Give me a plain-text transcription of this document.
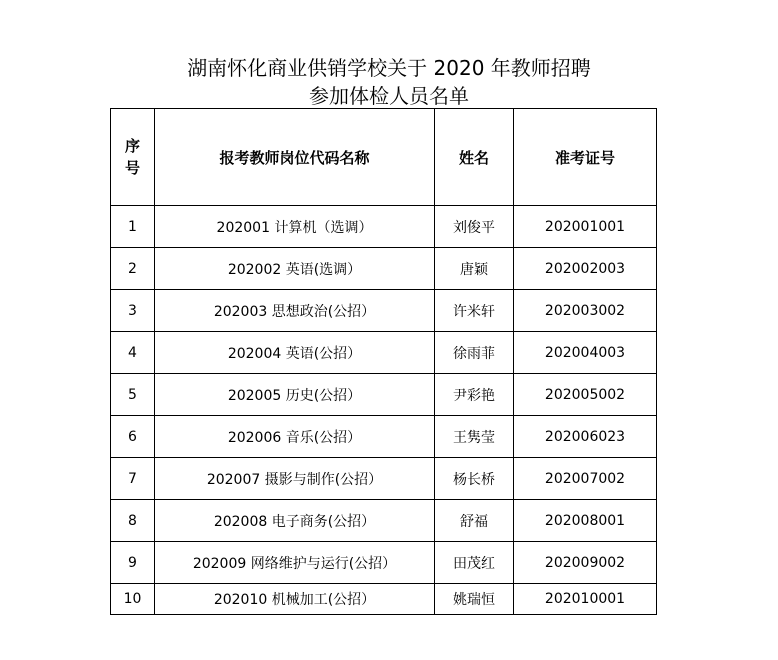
湖南怀化商业供销学校关于 2020 年教师招聘
参加体检人员名单
序
号	报考教师岗位代码名称	姓名	准考证号
1	202001 计算机（选调）	刘俊平	202001001
2	202002 英语(选调）	唐颖	202002003
3	202003 思想政治(公招）	许米轩	202003002
4	202004 英语(公招）	徐雨菲	202004003
5	202005 历史(公招）	尹彩艳	202005002
6	202006 音乐(公招）	王隽莹	202006023
7	202007 摄影与制作(公招）	杨长桥	202007002
8	202008 电子商务(公招）	舒福	202008001
9	202009 网络维护与运行(公招）	田茂红	202009002
10	202010 机械加工(公招）	姚瑞恒	202010001
